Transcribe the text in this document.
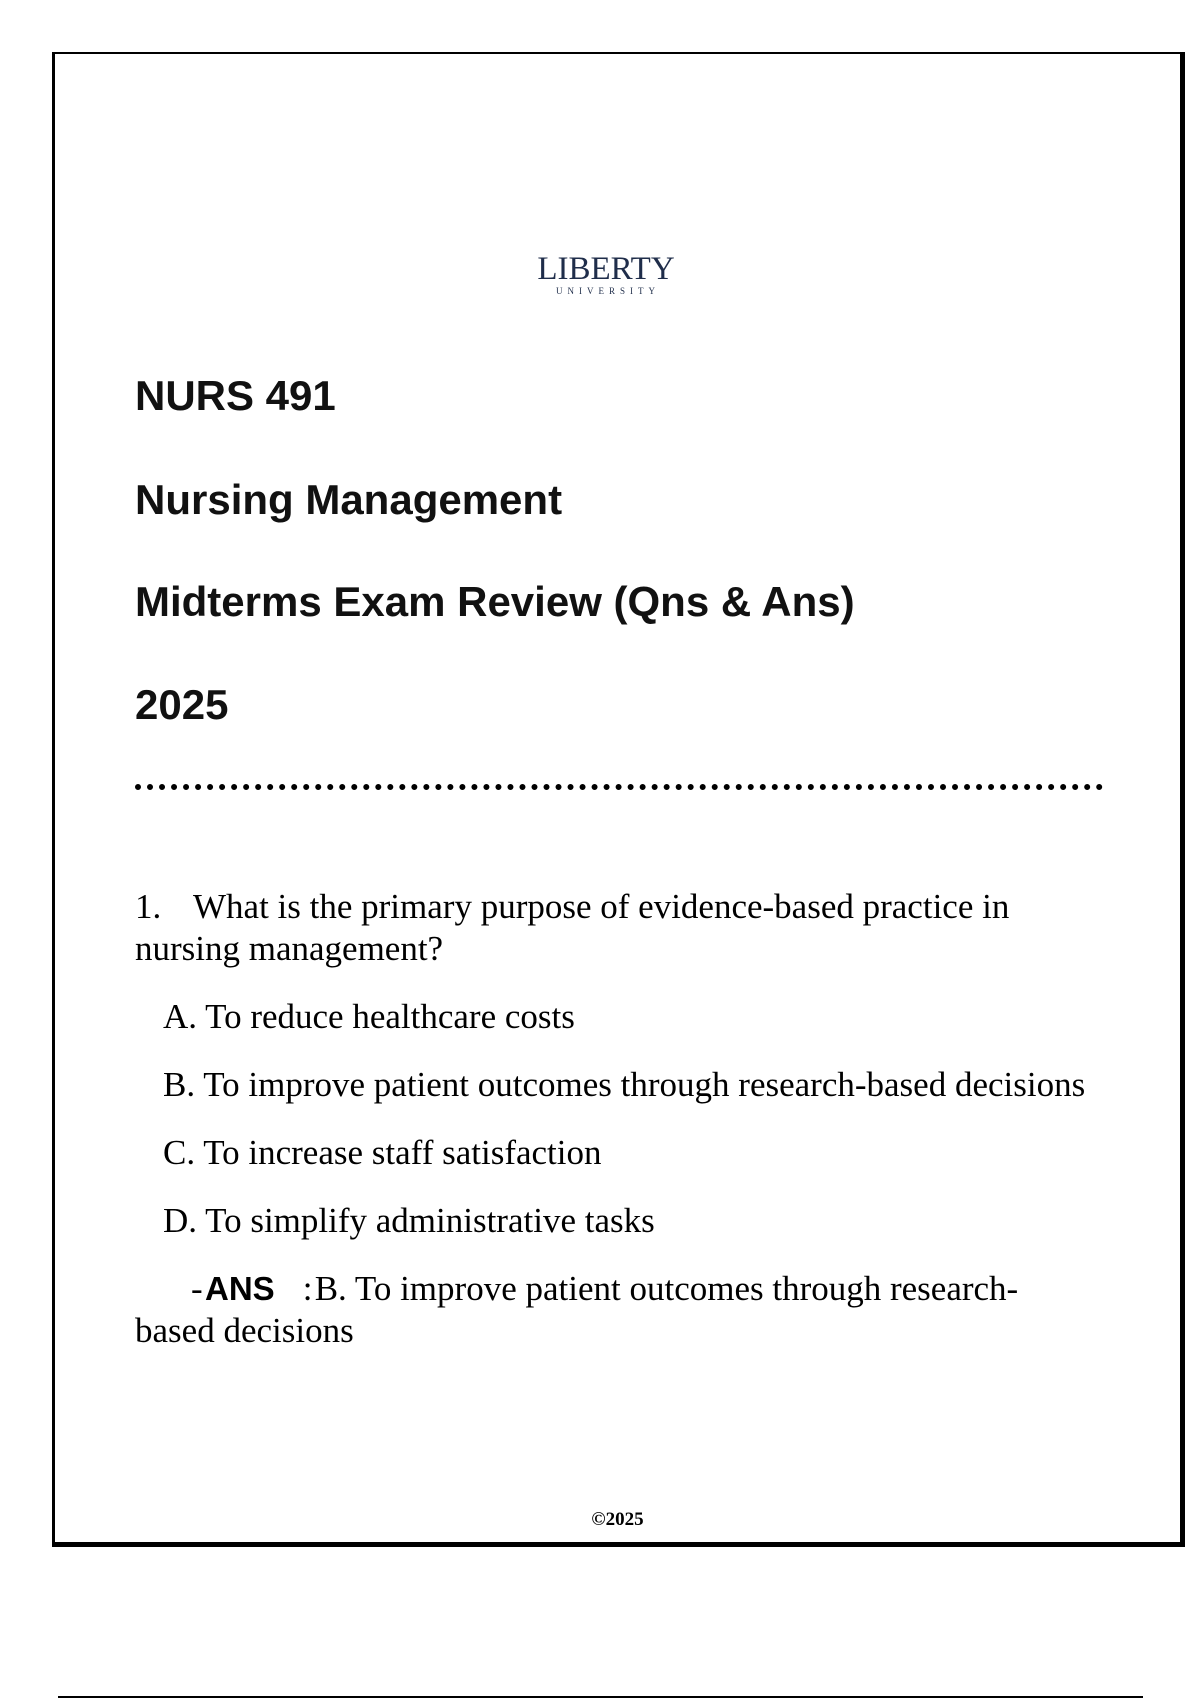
LIBERTY
UNIVERSITY
NURS 491
Nursing Management
Midterms Exam Review (Qns & Ans)
2025

1. What is the primary purpose of evidence-based practice in nursing management?

A. To reduce healthcare costs

B. To improve patient outcomes through research-based decisions

C. To increase staff satisfaction

D. To simplify administrative tasks

-ANS :B. To improve patient outcomes through research-based decisions

©2025
